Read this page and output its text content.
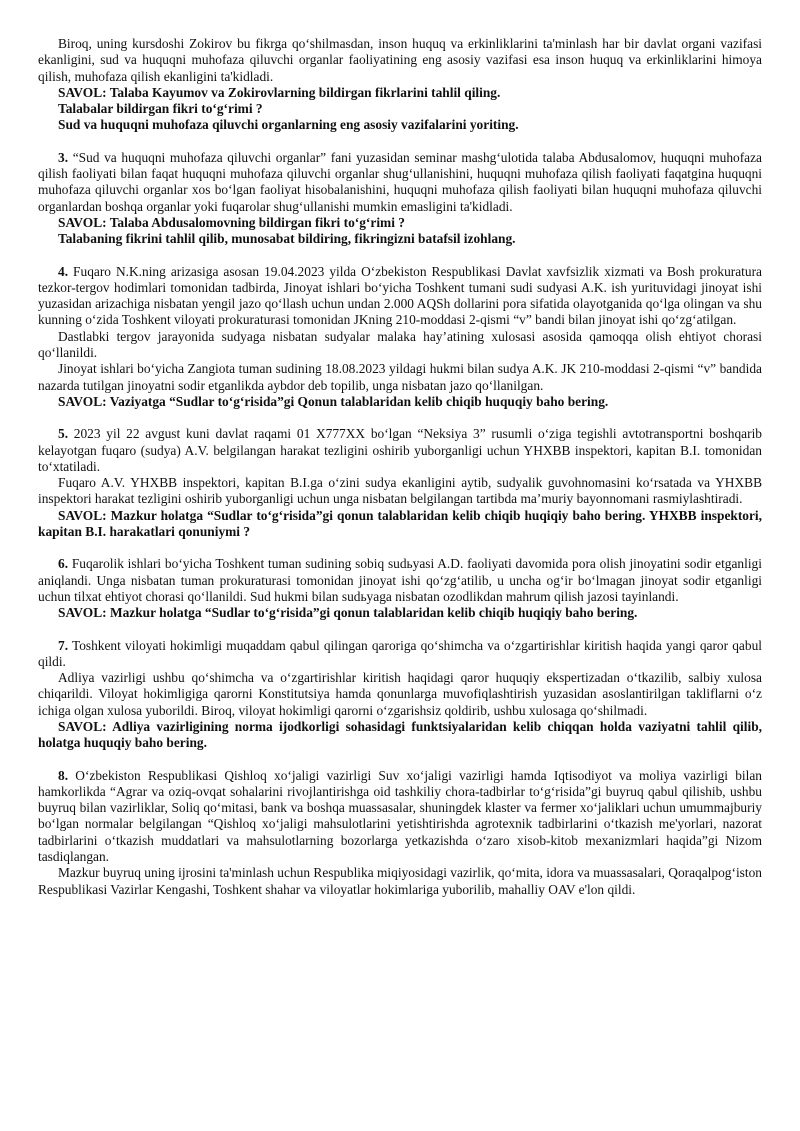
Biroq, uning kursdoshi Zokirov bu fikrga qo‘shilmasdan, inson huquq va erkinliklarini ta'minlash har bir davlat organi vazifasi ekanligini, sud va huquqni muhofaza qiluvchi organlar faoliyatining eng asosiy vazifasi esa inson huquq va erkinliklarini himoya qilish, muhofaza qilish ekanligini ta'kidladi.

SAVOL: Talaba Kayumov va Zokirovlarning bildirgan fikrlarini tahlil qiling.

Talabalar bildirgan fikri to‘g‘rimi ?

Sud va huquqni muhofaza qiluvchi organlarning eng asosiy vazifalarini yoriting.

3. “Sud va huquqni muhofaza qiluvchi organlar” fani yuzasidan seminar mashg‘ulotida talaba Abdusalomov, huquqni muhofaza qilish faoliyati bilan faqat huquqni muhofaza qiluvchi organlar shug‘ullanishini, huquqni muhofaza qilish faoliyati faqatgina huquqni muhofaza qiluvchi organlar xos bo‘lgan faoliyat hisobalanishini, huquqni muhofaza qilish faoliyati bilan huquqni muhofaza qiluvchi organlardan boshqa organlar yoki fuqarolar shug‘ullanishi mumkin emasligini ta'kidladi.

SAVOL: Talaba Abdusalomovning bildirgan fikri to‘g‘rimi ?

Talabaning fikrini tahlil qilib, munosabat bildiring, fikringizni batafsil izohlang.

4. Fuqaro N.K.ning arizasiga asosan 19.04.2023 yilda O‘zbekiston Respublikasi Davlat xavfsizlik xizmati va Bosh prokuratura tezkor-tergov hodimlari tomonidan tadbirda, Jinoyat ishlari bo‘yicha Toshkent tumani sudi sudyasi A.K. ish yurituvidagi jinoyat ishi yuzasidan arizachiga nisbatan yengil jazo qo‘llash uchun undan 2.000 AQSh dollarini pora sifatida olayotganida qo‘lga olingan va shu kunning o‘zida Toshkent viloyati prokuraturasi tomonidan JKning 210-moddasi 2-qismi “v” bandi bilan jinoyat ishi qo‘zg‘atilgan.

Dastlabki tergov jarayonida sudyaga nisbatan sudyalar malaka hay’atining xulosasi asosida qamoqqa olish ehtiyot chorasi qo‘llanildi.

Jinoyat ishlari bo‘yicha Zangiota tuman sudining 18.08.2023 yildagi hukmi bilan sudya A.K. JK 210-moddasi 2-qismi “v” bandida nazarda tutilgan jinoyatni sodir etganlikda aybdor deb topilib, unga nisbatan jazo qo‘llanilgan.

SAVOL: Vaziyatga “Sudlar to‘g‘risida”gi Qonun talablaridan kelib chiqib huquqiy baho bering.

5. 2023 yil 22 avgust kuni davlat raqami 01 X777XX bo‘lgan “Neksiya 3” rusumli o‘ziga tegishli avtotransportni boshqarib kelayotgan fuqaro (sudya) A.V. belgilangan harakat tezligini oshirib yuborganligi uchun YHXBB inspektori, kapitan B.I. tomonidan to‘xtatiladi.

Fuqaro A.V. YHXBB inspektori, kapitan B.I.ga o‘zini sudya ekanligini aytib, sudyalik guvohnomasini ko‘rsatada va YHXBB inspektori harakat tezligini oshirib yuborganligi uchun unga nisbatan belgilangan tartibda ma’muriy bayonnomani rasmiylashtiradi.

SAVOL: Mazkur holatga “Sudlar to‘g‘risida”gi qonun talablaridan kelib chiqib huqiqiy baho bering. YHXBB inspektori, kapitan B.I. harakatlari qonuniymi ?

6. Fuqarolik ishlari bo‘yicha Toshkent tuman sudining sobiq sudьyasi A.D. faoliyati davomida pora olish jinoyatini sodir etganligi aniqlandi. Unga nisbatan tuman prokuraturasi tomonidan jinoyat ishi qo‘zg‘atilib, u uncha og‘ir bo‘lmagan jinoyat sodir etganligi uchun tilxat ehtiyot chorasi qo‘llanildi. Sud hukmi bilan sudьyaga nisbatan ozodlikdan mahrum qilish jazosi tayinlandi.

SAVOL: Mazkur holatga “Sudlar to‘g‘risida”gi qonun talablaridan kelib chiqib huqiqiy baho bering.

7. Toshkent viloyati hokimligi muqaddam qabul qilingan qaroriga qo‘shimcha va o‘zgartirishlar kiritish haqida yangi qaror qabul qildi.

Adliya vazirligi ushbu qo‘shimcha va o‘zgartirishlar kiritish haqidagi qaror huquqiy ekspertizadan o‘tkazilib, salbiy xulosa chiqarildi. Viloyat hokimligiga qarorni Konstitutsiya hamda qonunlarga muvofiqlashtirish yuzasidan asoslantirilgan takliflarni o‘z ichiga olgan xulosa yuborildi. Biroq, viloyat hokimligi qarorni o‘zgarishsiz qoldirib, ushbu xulosaga qo‘shilmadi.

SAVOL: Adliya vazirligining norma ijodkorligi sohasidagi funktsiyalaridan kelib chiqqan holda vaziyatni tahlil qilib, holatga huquqiy baho bering.

8. O‘zbekiston Respublikasi Qishloq xo‘jaligi vazirligi Suv xo‘jaligi vazirligi hamda Iqtisodiyot va moliya vazirligi bilan hamkorlikda “Agrar va oziq-ovqat sohalarini rivojlantirishga oid tashkiliy chora-tadbirlar to‘g‘risida”gi buyruq qabul qilishib, ushbu buyruq bilan vazirliklar, Soliq qo‘mitasi, bank va boshqa muassasalar, shuningdek klaster va fermer xo‘jaliklari uchun umummajburiy bo‘lgan normalar belgilangan “Qishloq xo‘jaligi mahsulotlarini yetishtirishda agrotexnik tadbirlarini o‘tkazish me'yorlari, nazorat tadbirlarini o‘tkazish muddatlari va mahsulotlarning bozorlarga yetkazishda o‘zaro xisob-kitob mexanizmlari haqida”gi Nizom tasdiqlangan.

Mazkur buyruq uning ijrosini ta'minlash uchun Respublika miqiyosidagi vazirlik, qo‘mita, idora va muassasalari, Qoraqalpog‘iston Respublikasi Vazirlar Kengashi, Toshkent shahar va viloyatlar hokimlariga yuborilib, mahalliy OAV e'lon qildi.
